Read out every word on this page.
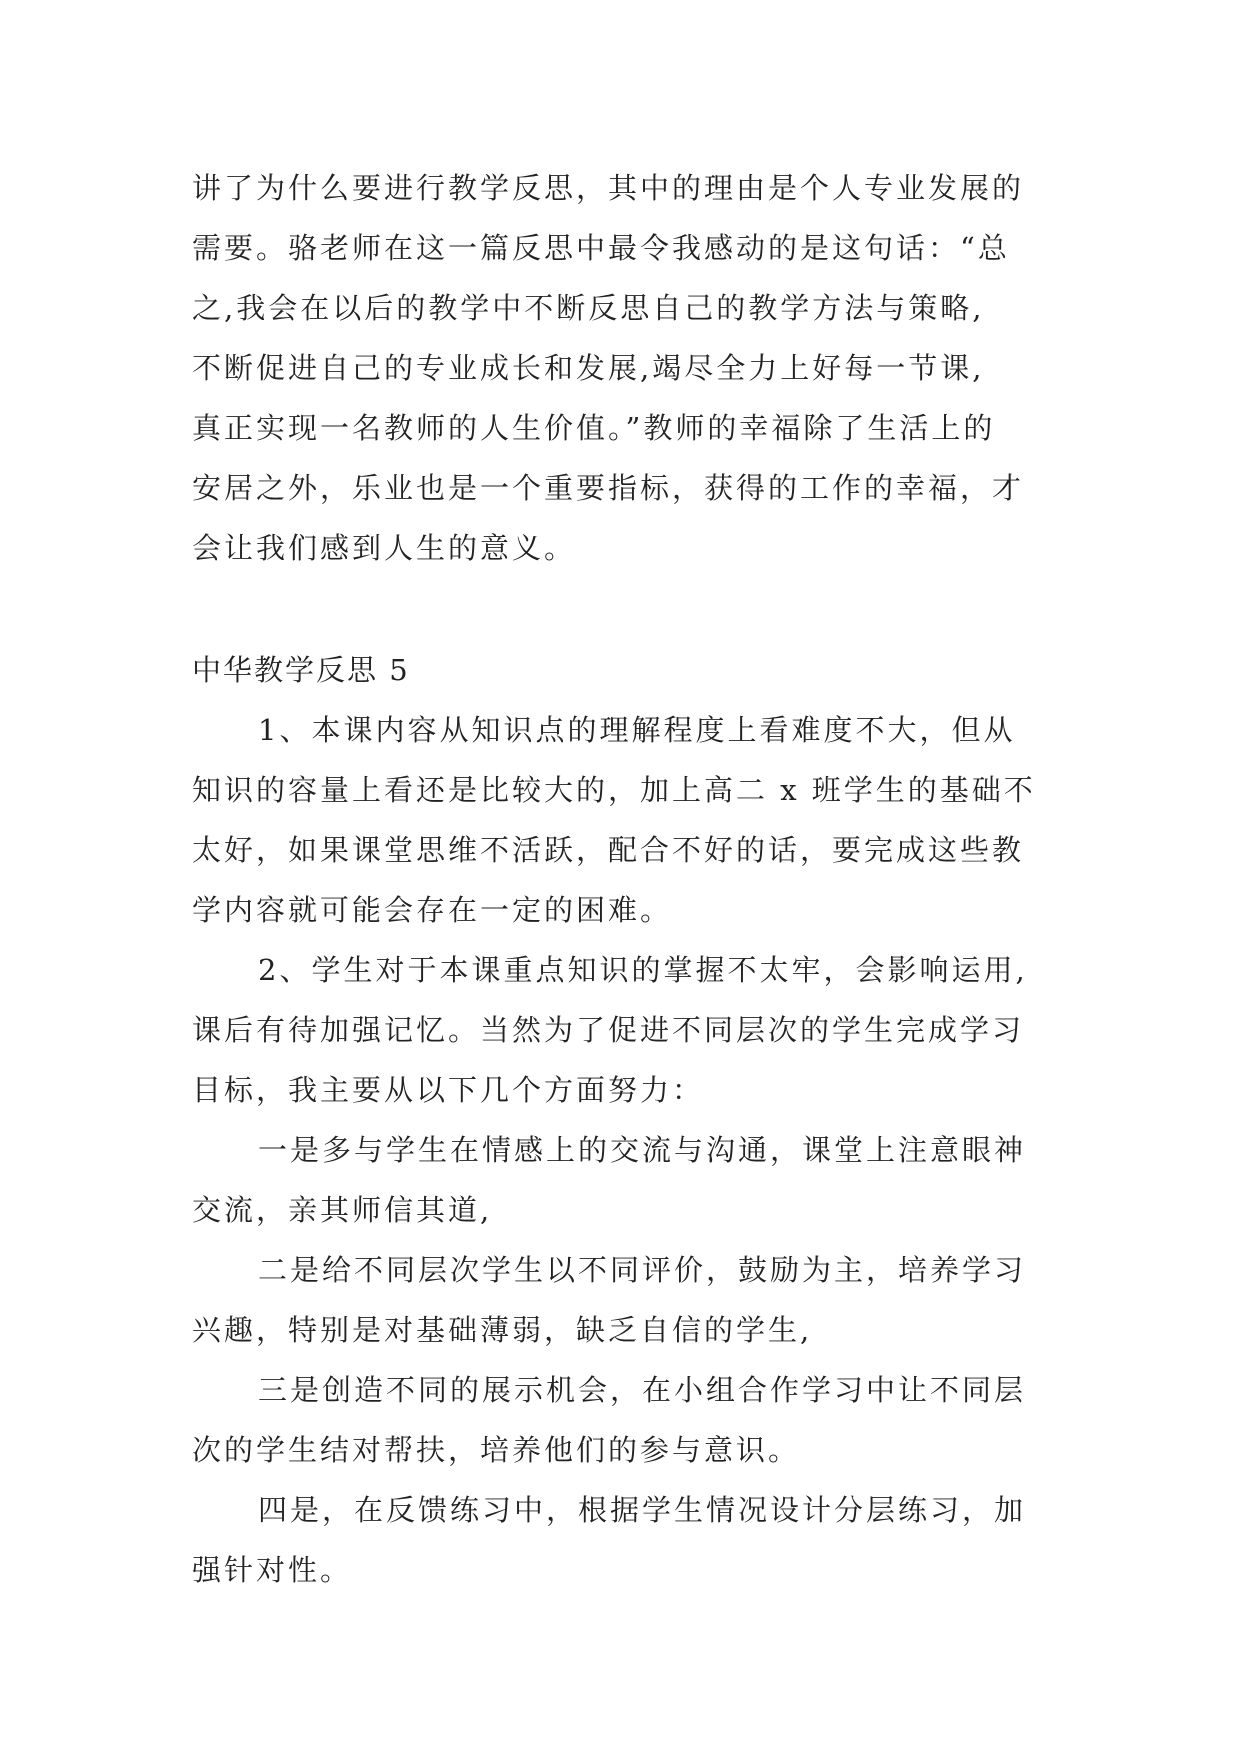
讲了为什么要进行教学反思，其中的理由是个人专业发展的
需要。骆老师在这一篇反思中最令我感动的是这句话：“总
之,我会在以后的教学中不断反思自己的教学方法与策略,
不断促进自己的专业成长和发展,竭尽全力上好每一节课,
真正实现一名教师的人生价值。”教师的幸福除了生活上的
安居之外，乐业也是一个重要指标，获得的工作的幸福，才
会让我们感到人生的意义。
中华教学反思 5
1、本课内容从知识点的理解程度上看难度不大，但从
知识的容量上看还是比较大的，加上高二 x 班学生的基础不
太好，如果课堂思维不活跃，配合不好的话，要完成这些教
学内容就可能会存在一定的困难。
2、学生对于本课重点知识的掌握不太牢，会影响运用,
课后有待加强记忆。当然为了促进不同层次的学生完成学习
目标，我主要从以下几个方面努力：
一是多与学生在情感上的交流与沟通，课堂上注意眼神
交流，亲其师信其道,
二是给不同层次学生以不同评价，鼓励为主，培养学习
兴趣，特别是对基础薄弱，缺乏自信的学生,
三是创造不同的展示机会，在小组合作学习中让不同层
次的学生结对帮扶，培养他们的参与意识。
四是，在反馈练习中，根据学生情况设计分层练习，加
强针对性。
